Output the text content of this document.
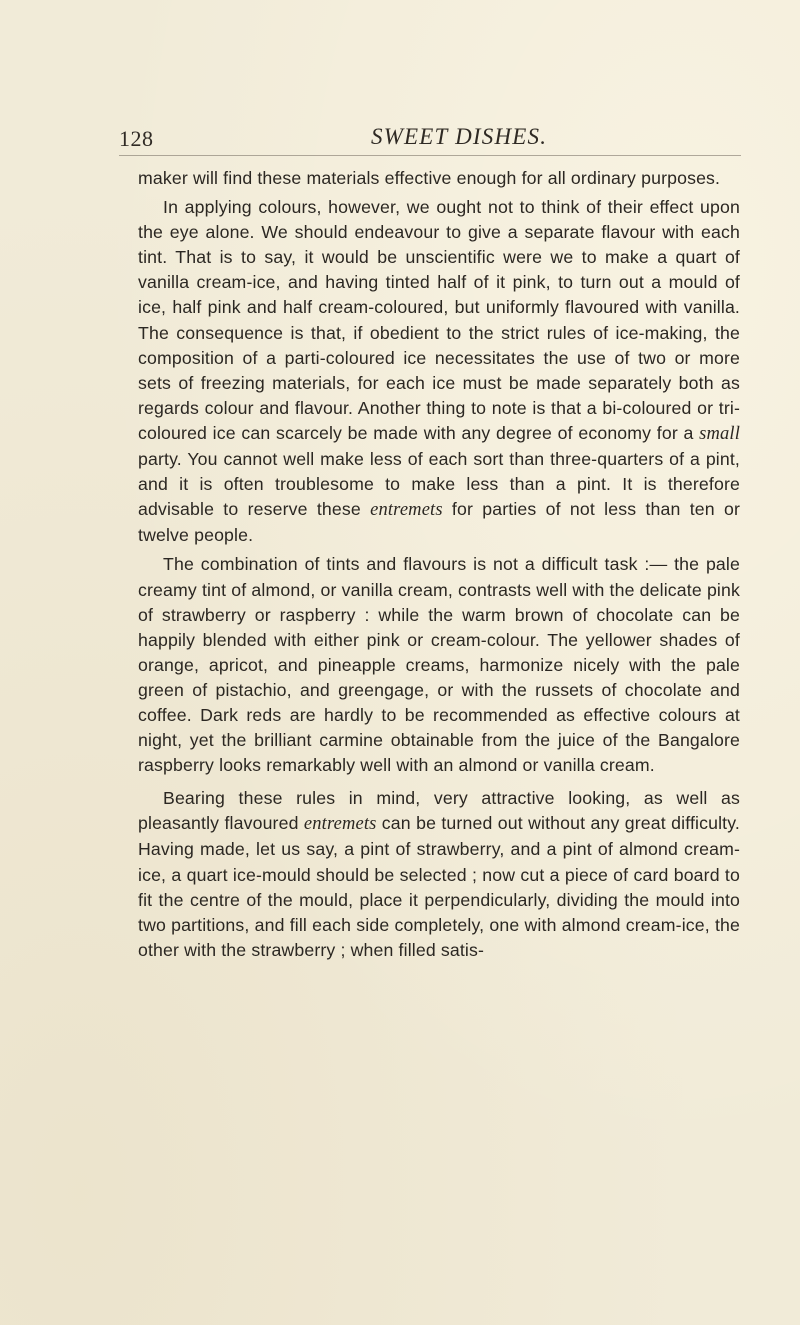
128	SWEET DISHES.

maker will find these materials effective enough for all ordinary purposes.

In applying colours, however, we ought not to think of their effect upon the eye alone. We should endeavour to give a separate flavour with each tint. That is to say, it would be unscientific were we to make a quart of vanilla cream-ice, and having tinted half of it pink, to turn out a mould of ice, half pink and half cream-coloured, but uniformly flavoured with vanilla. The consequence is that, if obedient to the strict rules of ice-making, the composition of a parti-coloured ice necessitates the use of two or more sets of freezing materials, for each ice must be made separately both as regards colour and flavour. Another thing to note is that a bi-coloured or tri-coloured ice can scarcely be made with any degree of economy for a small party. You cannot well make less of each sort than three-quarters of a pint, and it is often troublesome to make less than a pint. It is therefore advisable to reserve these entremets for parties of not less than ten or twelve people.

The combination of tints and flavours is not a difficult task :— the pale creamy tint of almond, or vanilla cream, contrasts well with the delicate pink of strawberry or raspberry : while the warm brown of chocolate can be happily blended with either pink or cream-colour. The yellower shades of orange, apricot, and pineapple creams, harmonize nicely with the pale green of pistachio, and greengage, or with the russets of chocolate and coffee. Dark reds are hardly to be recommended as effective colours at night, yet the brilliant carmine obtainable from the juice of the Bangalore raspberry looks remarkably well with an almond or vanilla cream.

Bearing these rules in mind, very attractive looking, as well as pleasantly flavoured entremets can be turned out without any great difficulty. Having made, let us say, a pint of strawberry, and a pint of almond cream-ice, a quart ice-mould should be selected ; now cut a piece of card board to fit the centre of the mould, place it perpendicularly, dividing the mould into two partitions, and fill each side completely, one with almond cream-ice, the other with the strawberry ; when filled satis-
